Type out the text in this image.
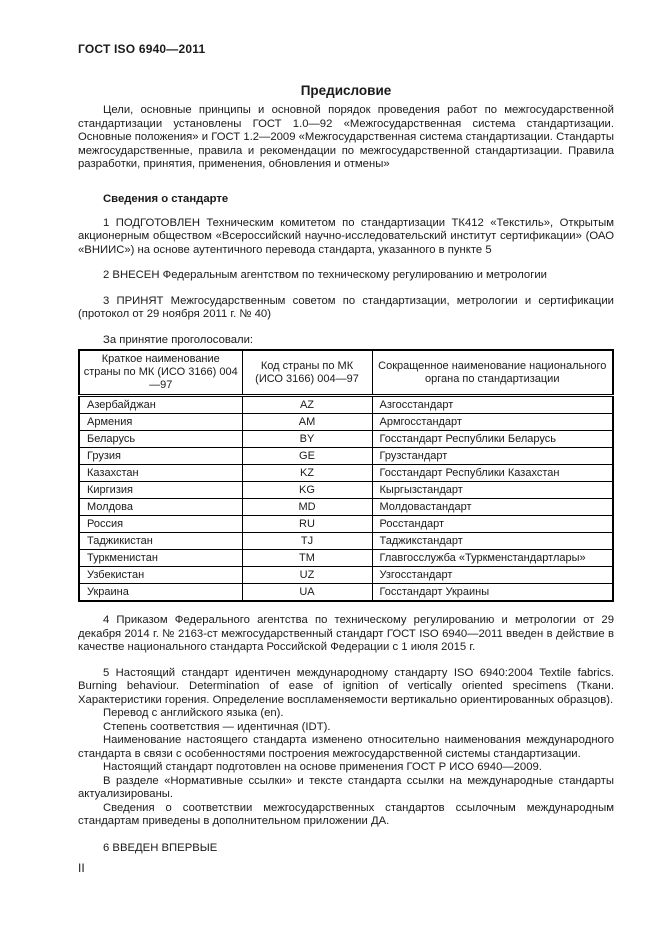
ГОСТ ISO 6940—2011
Предисловие

Цели, основные принципы и основной порядок проведения работ по межгосударственной стандартизации установлены ГОСТ 1.0—92 «Межгосударственная система стандартизации. Основные положения» и ГОСТ 1.2—2009 «Межгосударственная система стандартизации. Стандарты межгосударственные, правила и рекомендации по межгосударственной стандартизации. Правила разработки, принятия, применения, обновления и отмены»

Сведения о стандарте

1 ПОДГОТОВЛЕН Техническим комитетом по стандартизации ТК412 «Текстиль», Открытым акционерным обществом «Всероссийский научно-исследовательский институт сертификации» (ОАО «ВНИИС») на основе аутентичного перевода стандарта, указанного в пункте 5

2 ВНЕСЕН Федеральным агентством по техническому регулированию и метрологии

3 ПРИНЯТ Межгосударственным советом по стандартизации, метрологии и сертификации (протокол от 29 ноября 2011 г. № 40)

За принятие проголосовали:

Краткое наименование страны по МК (ИСО 3166) 004—97	Код страны по МК (ИСО 3166) 004—97	Сокращенное наименование национального органа по стандартизации
Азербайджан	AZ	Азгосстандарт
Армения	AM	Армгосстандарт
Беларусь	BY	Госстандарт Республики Беларусь
Грузия	GE	Грузстандарт
Казахстан	KZ	Госстандарт Республики Казахстан
Киргизия	KG	Кыргызстандарт
Молдова	MD	Молдовастандарт
Россия	RU	Росстандарт
Таджикистан	TJ	Таджикстандарт
Туркменистан	TM	Главгосслужба «Туркменстандартлары»
Узбекистан	UZ	Узгосстандарт
Украина	UA	Госстандарт Украины

4 Приказом Федерального агентства по техническому регулированию и метрологии от 29 декабря 2014 г. № 2163-ст межгосударственный стандарт ГОСТ ISO 6940—2011 введен в действие в качестве национального стандарта Российской Федерации с 1 июля 2015 г.

5 Настоящий стандарт идентичен международному стандарту ISO 6940:2004 Textile fabrics. Burning behaviour. Determination of ease of ignition of vertically oriented specimens (Ткани. Характеристики горения. Определение воспламеняемости вертикально ориентированных образцов).

Перевод с английского языка (en).

Степень соответствия — идентичная (IDT).

Наименование настоящего стандарта изменено относительно наименования международного стандарта в связи с особенностями построения межгосударственной системы стандартизации.

Настоящий стандарт подготовлен на основе применения ГОСТ Р ИСО 6940—2009.

В разделе «Нормативные ссылки» и тексте стандарта ссылки на международные стандарты актуализированы.

Сведения о соответствии межгосударственных стандартов ссылочным международным стандартам приведены в дополнительном приложении ДА.

6 ВВЕДЕН ВПЕРВЫЕ

II
